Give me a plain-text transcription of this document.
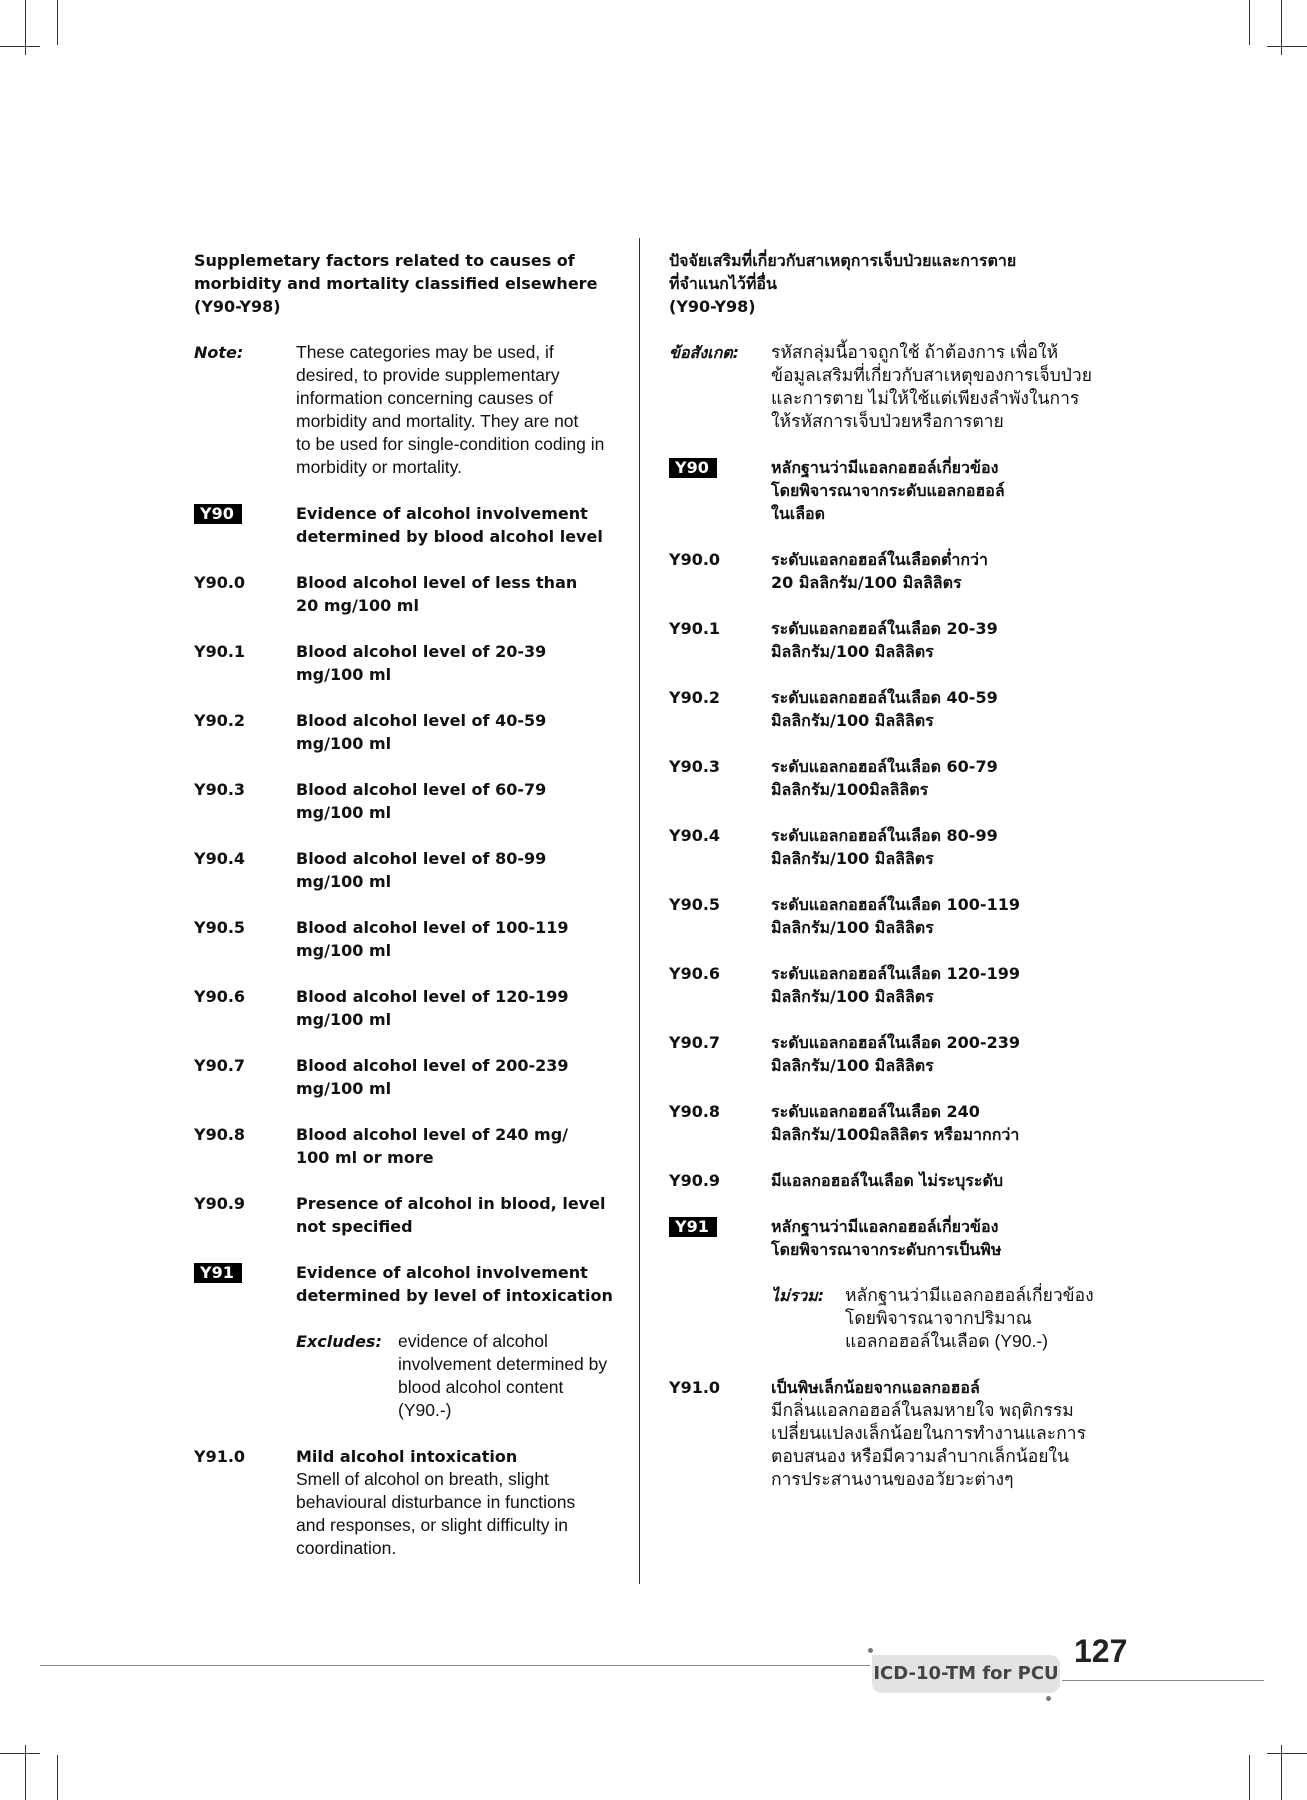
Supplemetary factors related to causes of
morbidity and mortality classified elsewhere
(Y90-Y98)
Note:	These categories may be used, if
desired, to provide supplementary
information concerning causes of
morbidity and mortality. They are not
to be used for single-condition coding in
morbidity or mortality.
Y90	Evidence of alcohol involvement
determined by blood alcohol level
Y90.0	Blood alcohol level of less than
20 mg/100 ml
Y90.1	Blood alcohol level of 20-39
mg/100 ml
Y90.2	Blood alcohol level of 40-59
mg/100 ml
Y90.3	Blood alcohol level of 60-79
mg/100 ml
Y90.4	Blood alcohol level of 80-99
mg/100 ml
Y90.5	Blood alcohol level of 100-119
mg/100 ml
Y90.6	Blood alcohol level of 120-199
mg/100 ml
Y90.7	Blood alcohol level of 200-239
mg/100 ml
Y90.8	Blood alcohol level of 240 mg/
100 ml or more
Y90.9	Presence of alcohol in blood, level
not specified
Y91	Evidence of alcohol involvement
determined by level of intoxication
Excludes: evidence of alcohol
involvement determined by
blood alcohol content
(Y90.-)
Y91.0	Mild alcohol intoxication
Smell of alcohol on breath, slight
behavioural disturbance in functions
and responses, or slight difficulty in
coordination.
ปัจจัยเสริมที่เกี่ยวกับสาเหตุการเจ็บป่วยและการตาย
ที่จำแนกไว้ที่อื่น
(Y90-Y98)
ข้อสังเกต:	รหัสกลุ่มนี้อาจถูกใช้ ถ้าต้องการ เพื่อให้
ข้อมูลเสริมที่เกี่ยวกับสาเหตุของการเจ็บป่วย
และการตาย ไม่ให้ใช้แต่เพียงลำพังในการ
ให้รหัสการเจ็บป่วยหรือการตาย
Y90	หลักฐานว่ามีแอลกอฮอล์เกี่ยวข้อง
โดยพิจารณาจากระดับแอลกอฮอล์
ในเลือด
Y90.0	ระดับแอลกอฮอล์ในเลือดต่ำกว่า
20 มิลลิกรัม/100 มิลลิลิตร
Y90.1	ระดับแอลกอฮอล์ในเลือด 20-39
มิลลิกรัม/100 มิลลิลิตร
Y90.2	ระดับแอลกอฮอล์ในเลือด 40-59
มิลลิกรัม/100 มิลลิลิตร
Y90.3	ระดับแอลกอฮอล์ในเลือด 60-79
มิลลิกรัม/100มิลลิลิตร
Y90.4	ระดับแอลกอฮอล์ในเลือด 80-99
มิลลิกรัม/100 มิลลิลิตร
Y90.5	ระดับแอลกอฮอล์ในเลือด 100-119
มิลลิกรัม/100 มิลลิลิตร
Y90.6	ระดับแอลกอฮอล์ในเลือด 120-199
มิลลิกรัม/100 มิลลิลิตร
Y90.7	ระดับแอลกอฮอล์ในเลือด 200-239
มิลลิกรัม/100 มิลลิลิตร
Y90.8	ระดับแอลกอฮอล์ในเลือด 240
มิลลิกรัม/100มิลลิลิตร หรือมากกว่า
Y90.9	มีแอลกอฮอล์ในเลือด ไม่ระบุระดับ
Y91	หลักฐานว่ามีแอลกอฮอล์เกี่ยวข้อง
โดยพิจารณาจากระดับการเป็นพิษ
ไม่รวม:	หลักฐานว่ามีแอลกอฮอล์เกี่ยวข้อง
โดยพิจารณาจากปริมาณ
แอลกอฮอล์ในเลือด (Y90.-)
Y91.0	เป็นพิษเล็กน้อยจากแอลกอฮอล์
มีกลิ่นแอลกอฮอล์ในลมหายใจ พฤติกรรม
เปลี่ยนแปลงเล็กน้อยในการทำงานและการ
ตอบสนอง หรือมีความลำบากเล็กน้อยใน
การประสานงานของอวัยวะต่างๆ
ICD-10-TM for PCU
127
